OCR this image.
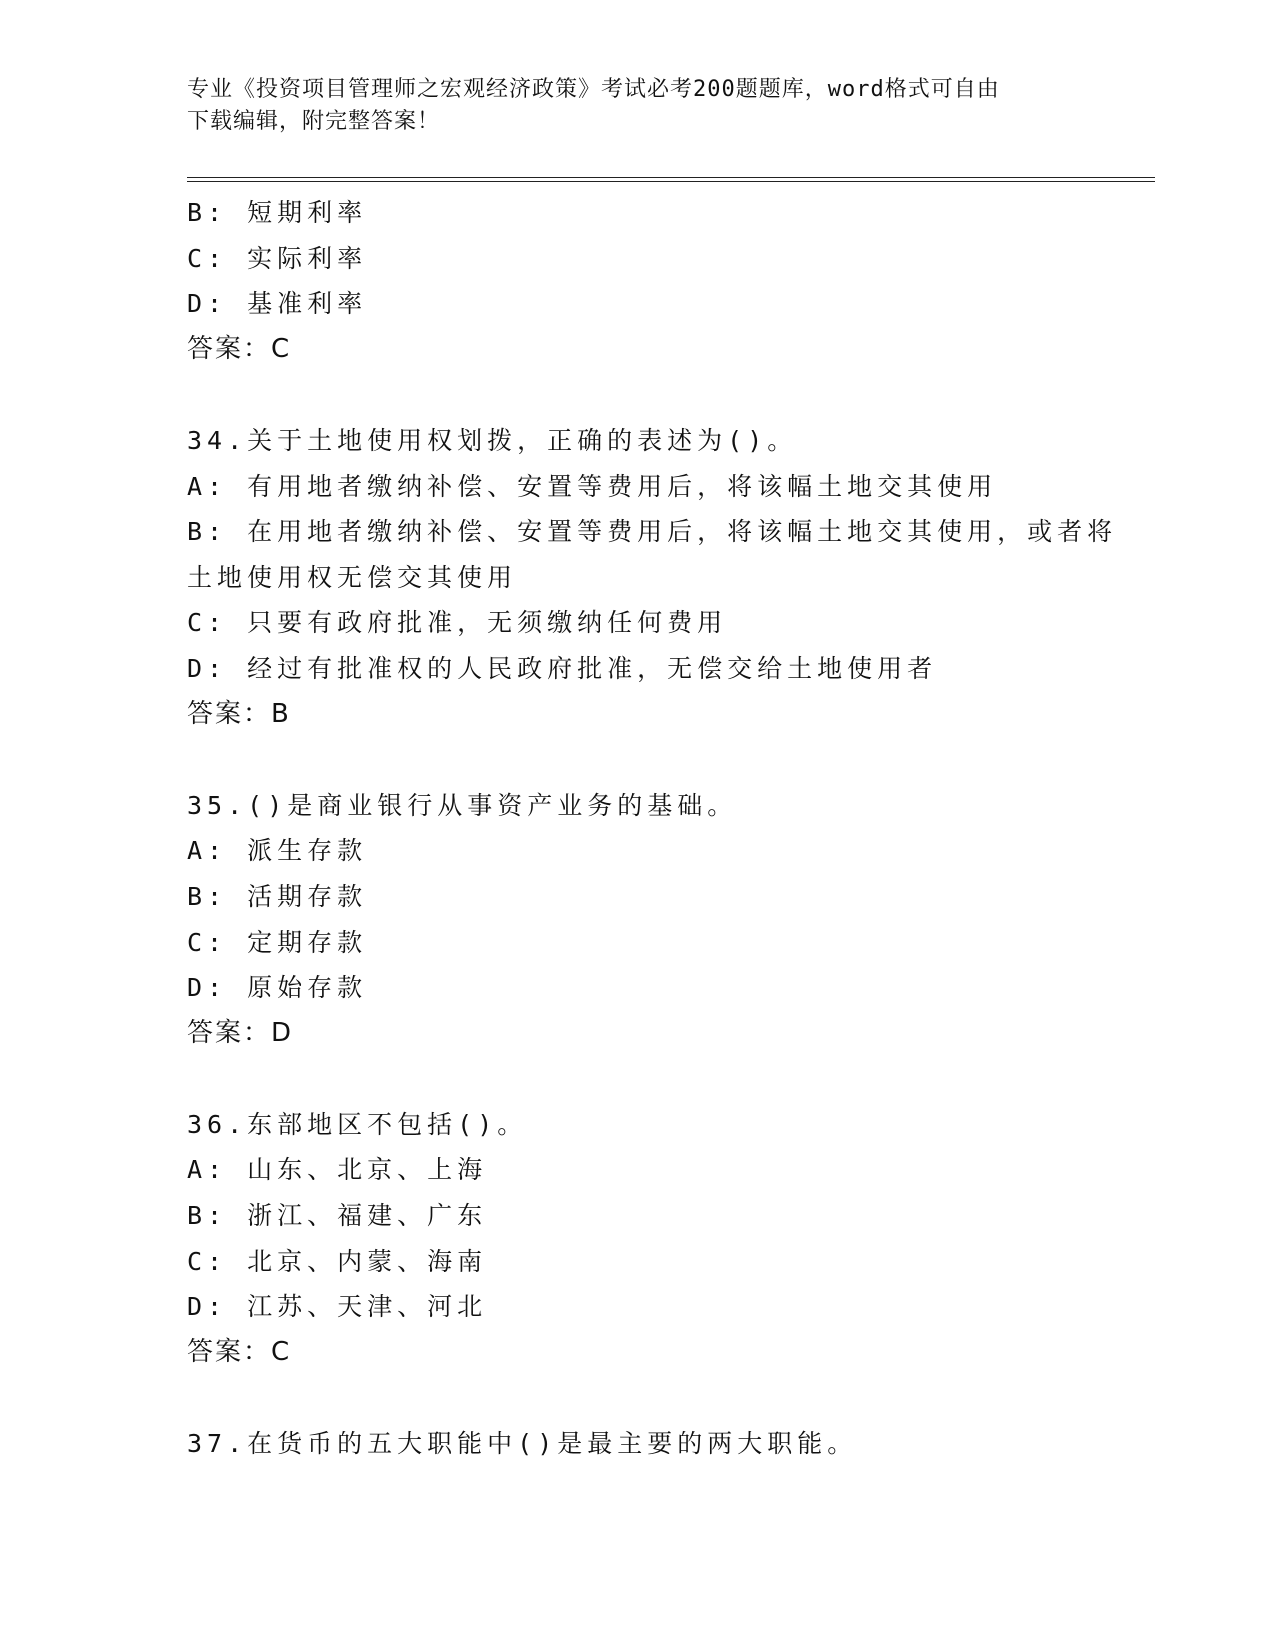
专业《投资项目管理师之宏观经济政策》考试必考200题题库，word格式可自由
下载编辑，附完整答案！
B: 短期利率
C: 实际利率
D: 基准利率
答案：C
34.关于土地使用权划拨，正确的表述为()。
A: 有用地者缴纳补偿、安置等费用后，将该幅土地交其使用
B: 在用地者缴纳补偿、安置等费用后，将该幅土地交其使用，或者将
土地使用权无偿交其使用
C: 只要有政府批准，无须缴纳任何费用
D: 经过有批准权的人民政府批准，无偿交给土地使用者
答案：B
35.()是商业银行从事资产业务的基础。
A: 派生存款
B: 活期存款
C: 定期存款
D: 原始存款
答案：D
36.东部地区不包括()。
A: 山东、北京、上海
B: 浙江、福建、广东
C: 北京、内蒙、海南
D: 江苏、天津、河北
答案：C
37.在货币的五大职能中()是最主要的两大职能。
